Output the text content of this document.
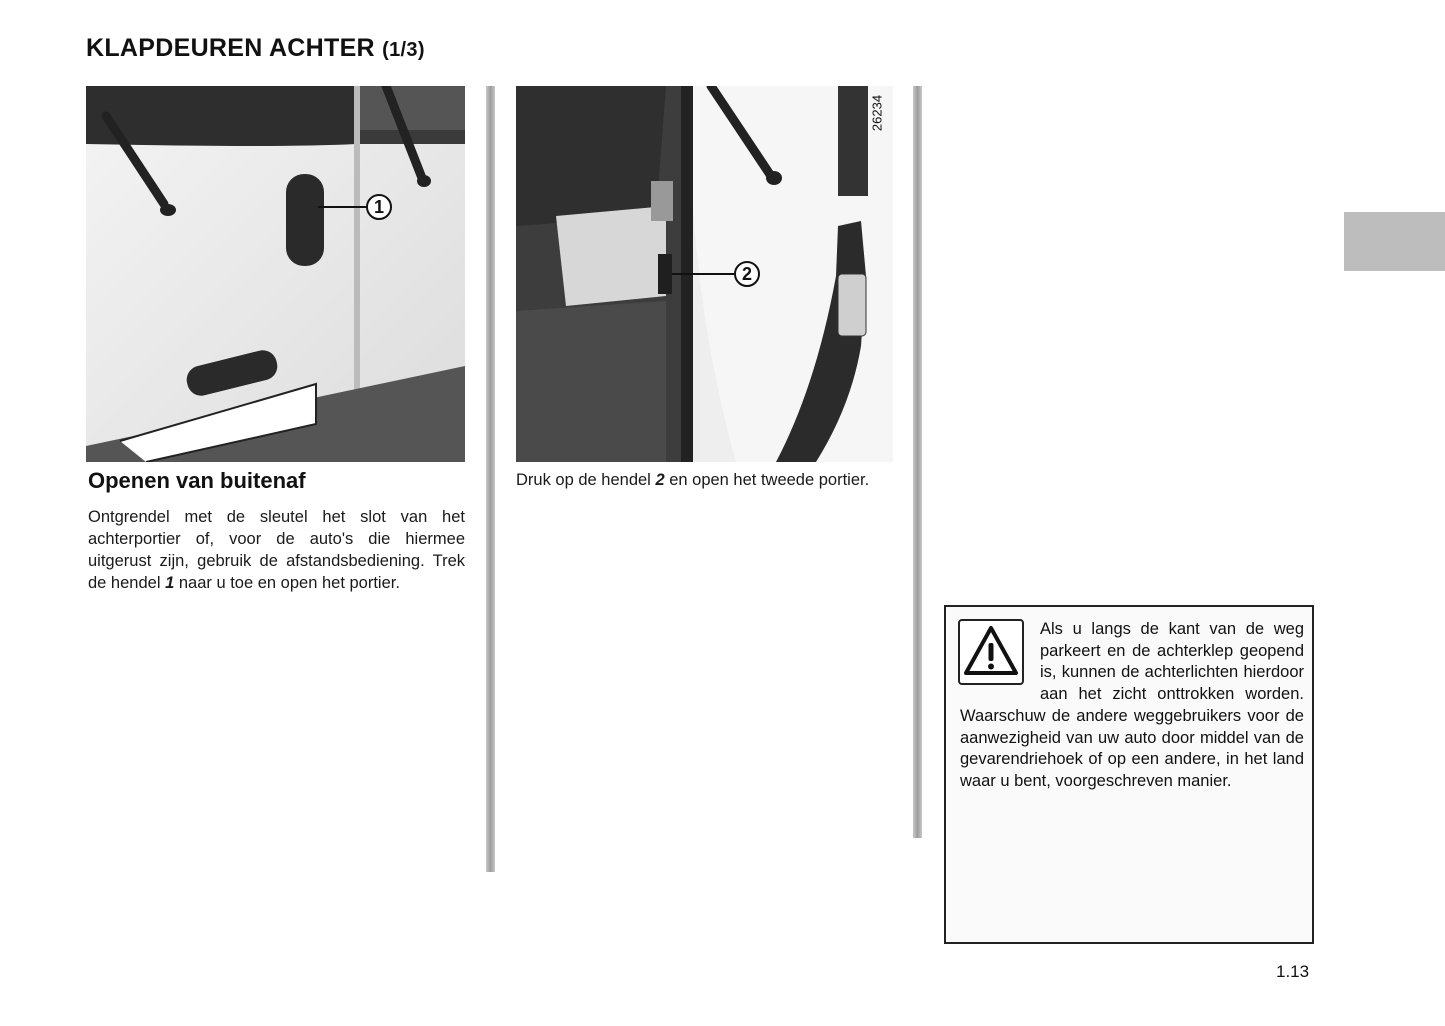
KLAPDEUREN ACHTER (1/3)
1
26234
2
Openen van buitenaf
Ontgrendel met de sleutel het slot van het achterportier of, voor de auto's die hiermee uitgerust zijn, gebruik de afstandsbediening. Trek de hendel 1 naar u toe en open het portier.
Druk op de hendel 2 en open het tweede portier.
Als u langs de kant van de weg parkeert en de achterklep geopend is, kunnen de achterlichten hierdoor aan het zicht onttrokken worden. Waarschuw de andere weggebruikers voor de aanwezigheid van uw auto door middel van de gevarendriehoek of op een andere, in het land waar u bent, voorgeschreven manier.
1.13
